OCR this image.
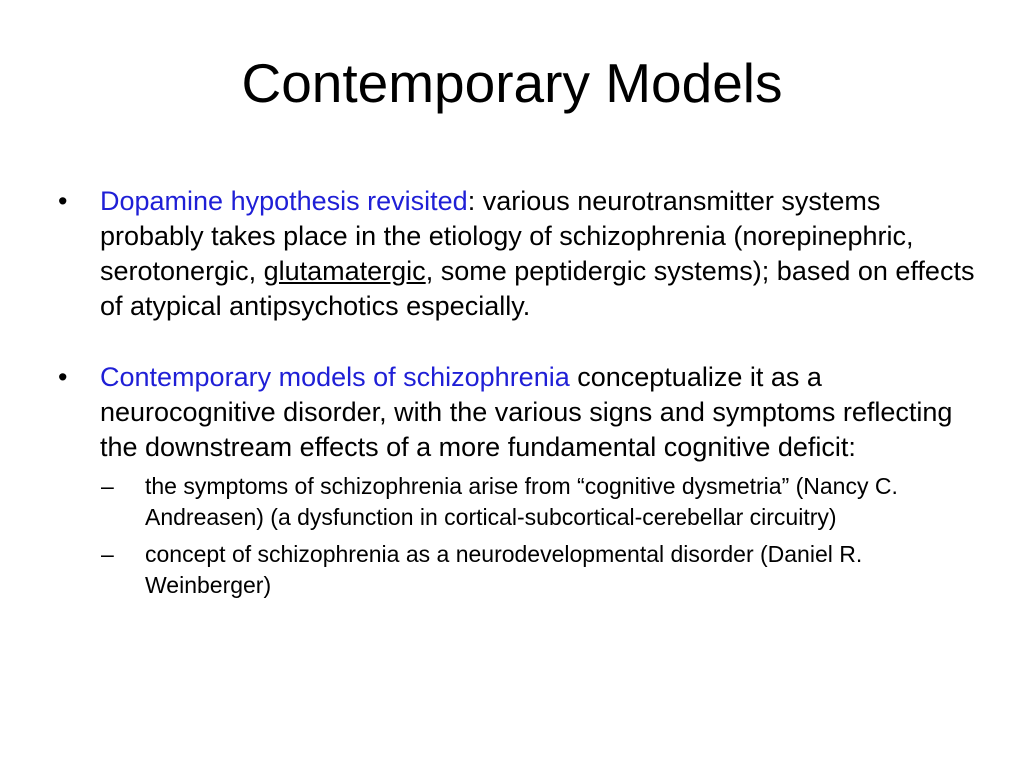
Contemporary Models
• Dopamine hypothesis revisited: various neurotransmitter systems probably takes place in the etiology of schizophrenia (norepinephric, serotonergic, glutamatergic, some peptidergic systems); based on effects of atypical antipsychotics especially.
• Contemporary models of schizophrenia conceptualize it as a neurocognitive disorder, with the various signs and symptoms reflecting the downstream effects of a more fundamental cognitive deficit:
– the symptoms of schizophrenia arise from “cognitive dysmetria” (Nancy C. Andreasen) (a dysfunction in cortical-subcortical-cerebellar circuitry)
– concept of schizophrenia as a neurodevelopmental disorder (Daniel R. Weinberger)
